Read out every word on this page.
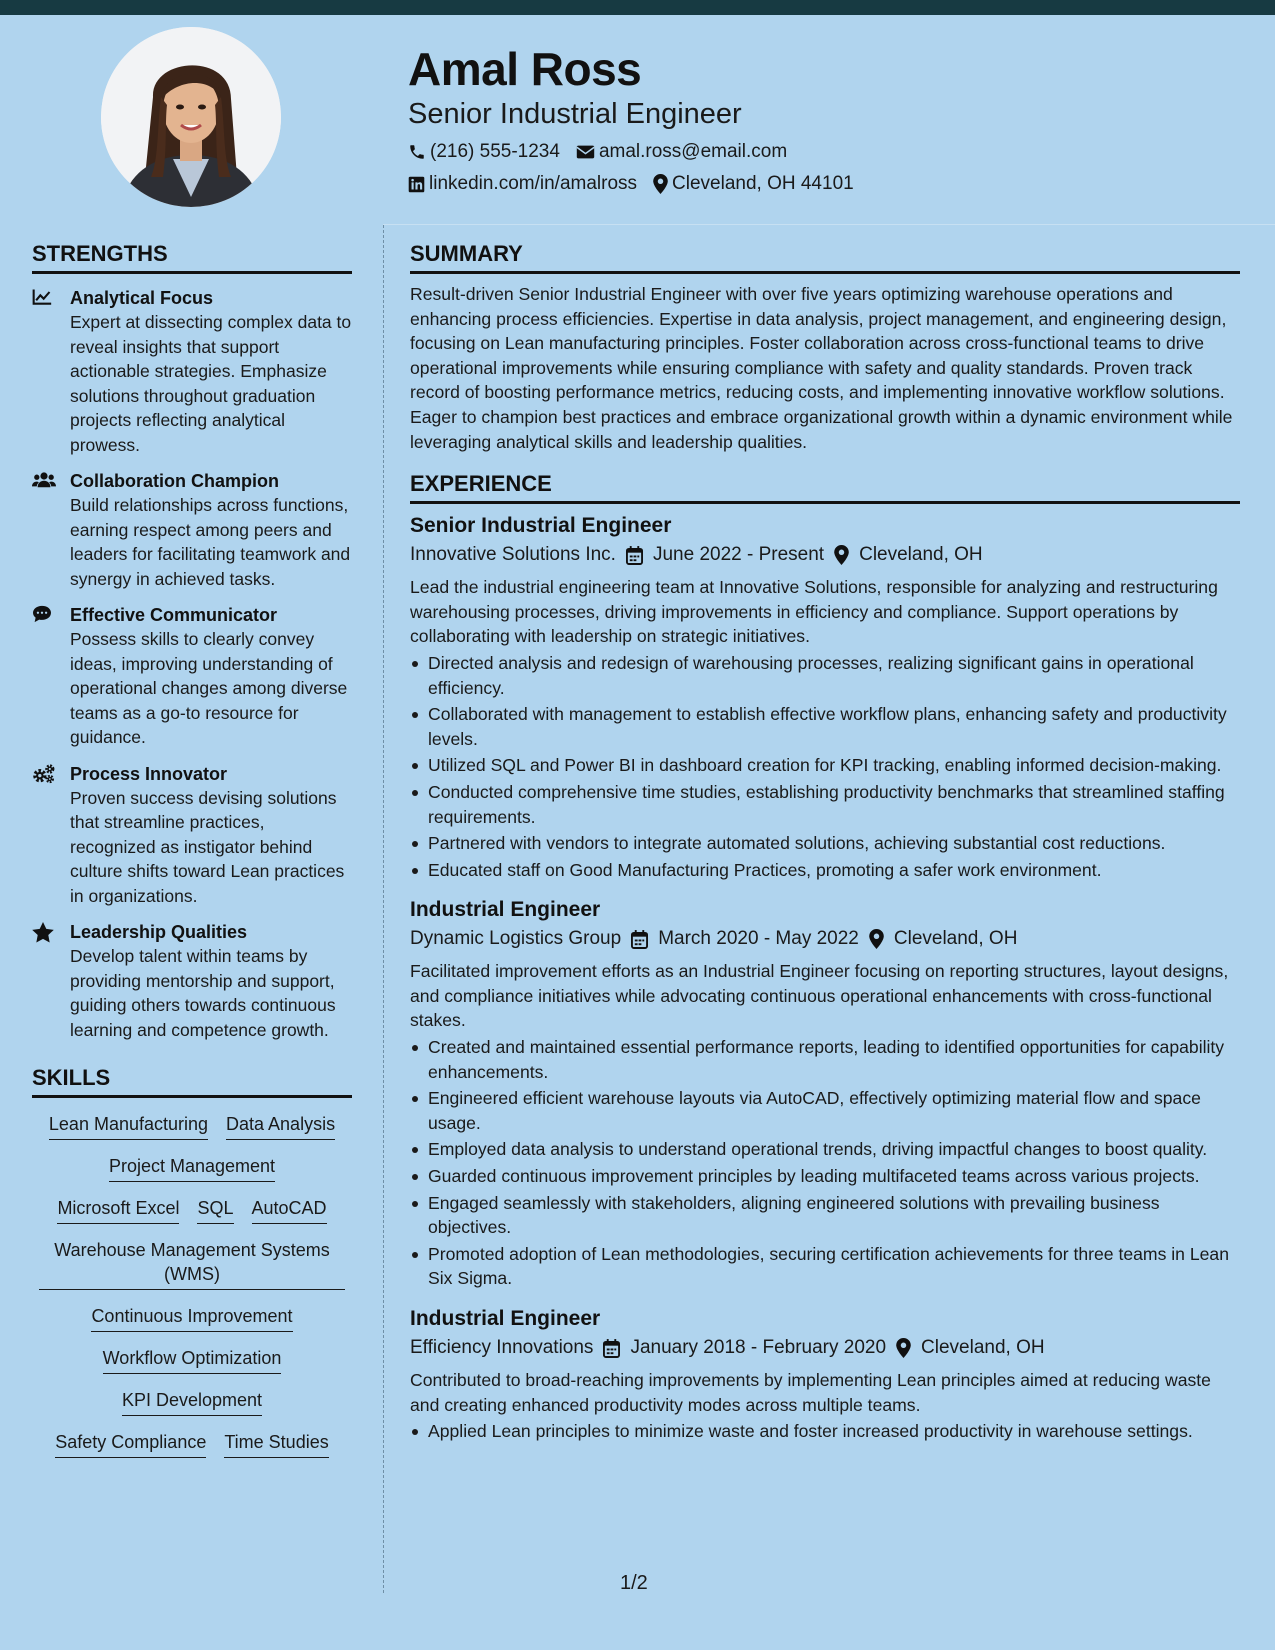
Amal Ross
Senior Industrial Engineer
(216) 555-1234 amal.ross@email.com
linkedin.com/in/amalross Cleveland, OH 44101
STRENGTHS
Analytical Focus
Expert at dissecting complex data to reveal insights that support actionable strategies. Emphasize solutions throughout graduation projects reflecting analytical prowess.
Collaboration Champion
Build relationships across functions, earning respect among peers and leaders for facilitating teamwork and synergy in achieved tasks.
Effective Communicator
Possess skills to clearly convey ideas, improving understanding of operational changes among diverse teams as a go-to resource for guidance.
Process Innovator
Proven success devising solutions that streamline practices, recognized as instigator behind culture shifts toward Lean practices in organizations.
Leadership Qualities
Develop talent within teams by providing mentorship and support, guiding others towards continuous learning and competence growth.
SKILLS
Lean Manufacturing Data Analysis
Project Management
Microsoft Excel SQL AutoCAD
Warehouse Management Systems (WMS)
Continuous Improvement
Workflow Optimization
KPI Development
Safety Compliance Time Studies
SUMMARY
Result-driven Senior Industrial Engineer with over five years optimizing warehouse operations and enhancing process efficiencies. Expertise in data analysis, project management, and engineering design, focusing on Lean manufacturing principles. Foster collaboration across cross-functional teams to drive operational improvements while ensuring compliance with safety and quality standards. Proven track record of boosting performance metrics, reducing costs, and implementing innovative workflow solutions. Eager to champion best practices and embrace organizational growth within a dynamic environment while leveraging analytical skills and leadership qualities.
EXPERIENCE
Senior Industrial Engineer
Innovative Solutions Inc. June 2022 - Present Cleveland, OH
Lead the industrial engineering team at Innovative Solutions, responsible for analyzing and restructuring warehousing processes, driving improvements in efficiency and compliance. Support operations by collaborating with leadership on strategic initiatives.
Directed analysis and redesign of warehousing processes, realizing significant gains in operational efficiency.
Collaborated with management to establish effective workflow plans, enhancing safety and productivity levels.
Utilized SQL and Power BI in dashboard creation for KPI tracking, enabling informed decision-making.
Conducted comprehensive time studies, establishing productivity benchmarks that streamlined staffing requirements.
Partnered with vendors to integrate automated solutions, achieving substantial cost reductions.
Educated staff on Good Manufacturing Practices, promoting a safer work environment.
Industrial Engineer
Dynamic Logistics Group March 2020 - May 2022 Cleveland, OH
Facilitated improvement efforts as an Industrial Engineer focusing on reporting structures, layout designs, and compliance initiatives while advocating continuous operational enhancements with cross-functional stakes.
Created and maintained essential performance reports, leading to identified opportunities for capability enhancements.
Engineered efficient warehouse layouts via AutoCAD, effectively optimizing material flow and space usage.
Employed data analysis to understand operational trends, driving impactful changes to boost quality.
Guarded continuous improvement principles by leading multifaceted teams across various projects.
Engaged seamlessly with stakeholders, aligning engineered solutions with prevailing business objectives.
Promoted adoption of Lean methodologies, securing certification achievements for three teams in Lean Six Sigma.
Industrial Engineer
Efficiency Innovations January 2018 - February 2020 Cleveland, OH
Contributed to broad-reaching improvements by implementing Lean principles aimed at reducing waste and creating enhanced productivity modes across multiple teams.
Applied Lean principles to minimize waste and foster increased productivity in warehouse settings.
1/2
